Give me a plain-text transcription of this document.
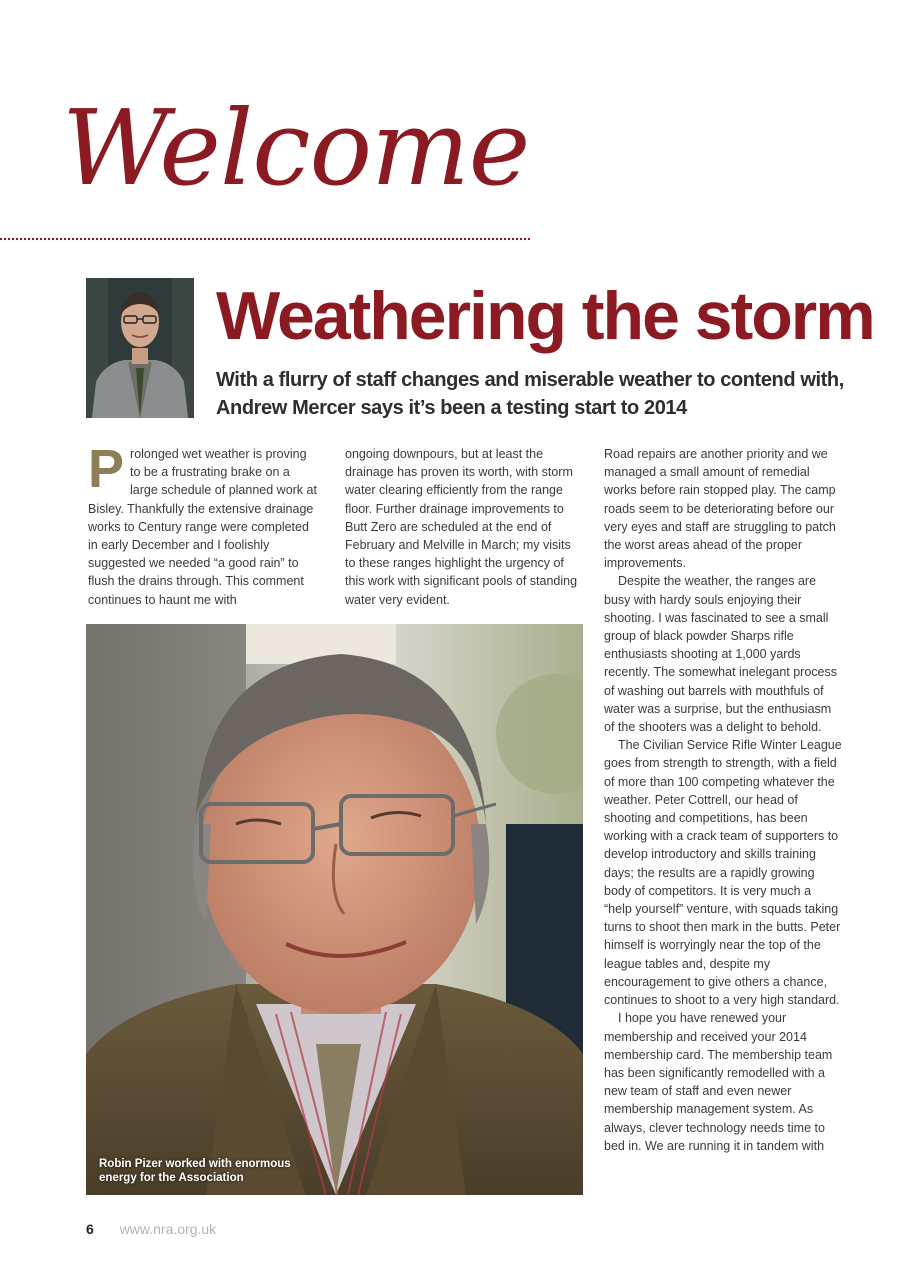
Welcome
Weathering the storm
With a flurry of staff changes and miserable weather to contend with, Andrew Mercer says it’s been a testing start to 2014

Prolonged wet weather is proving to be a frustrating brake on a large schedule of planned work at Bisley. Thankfully the extensive drainage works to Century range were completed in early December and I foolishly suggested we needed “a good rain” to flush the drains through. This comment continues to haunt me with

ongoing downpours, but at least the drainage has proven its worth, with storm water clearing efficiently from the range floor. Further drainage improvements to Butt Zero are scheduled at the end of February and Melville in March; my visits to these ranges highlight the urgency of this work with significant pools of standing water very evident.

Road repairs are another priority and we managed a small amount of remedial works before rain stopped play. The camp roads seem to be deteriorating before our very eyes and staff are struggling to patch the worst areas ahead of the proper improvements.

Despite the weather, the ranges are busy with hardy souls enjoying their shooting. I was fascinated to see a small group of black powder Sharps rifle enthusiasts shooting at 1,000 yards recently. The somewhat inelegant process of washing out barrels with mouthfuls of water was a surprise, but the enthusiasm of the shooters was a delight to behold.

The Civilian Service Rifle Winter League goes from strength to strength, with a field of more than 100 competing whatever the weather. Peter Cottrell, our head of shooting and competitions, has been working with a crack team of supporters to develop introductory and skills training days; the results are a rapidly growing body of competitors. It is very much a “help yourself” venture, with squads taking turns to shoot then mark in the butts. Peter himself is worryingly near the top of the league tables and, despite my encouragement to give others a chance, continues to shoot to a very high standard.

I hope you have renewed your membership and received your 2014 membership card. The membership team has been significantly remodelled with a new team of staff and even newer membership management system. As always, clever technology needs time to bed in. We are running it in tandem with

Robin Pizer worked with enormous energy for the Association
6 www.nra.org.uk
